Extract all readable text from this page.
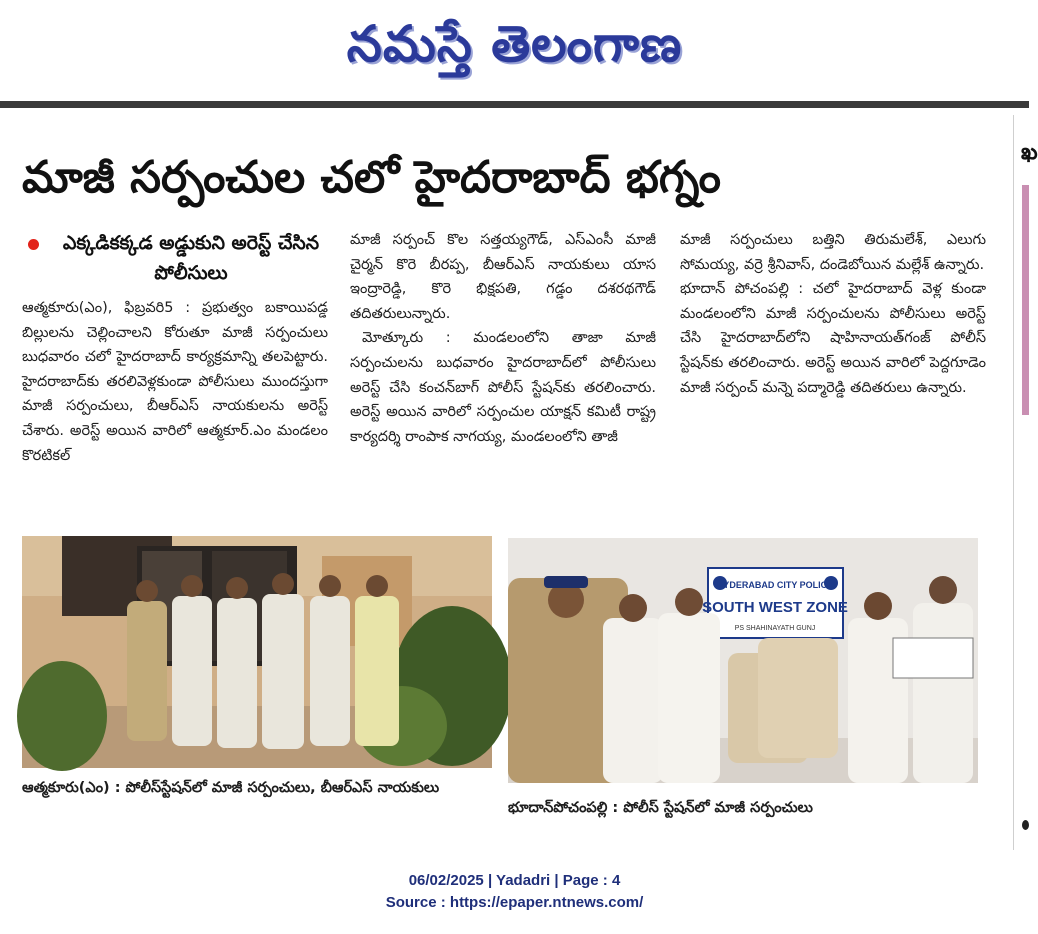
నమస్తే తెలంగాణ
మాజీ సర్పంచుల చలో హైదరాబాద్ భగ్నం
ఎక్కడికక్కడ అడ్డుకుని అరెస్ట్ చేసిన పోలీసులు

ఆత్మకూరు(ఎం), ఫిబ్రవరి5 : ప్రభుత్వం బకాయిపడ్డ బిల్లులను చెల్లించాలని కోరుతూ మాజీ సర్పంచులు బుధవారం చలో హైదరాబాద్ కార్యక్రమాన్ని తలపెట్టారు. హైదరాబాద్‌కు తరలివెళ్లకుండా పోలీసులు ముందస్తుగా మాజీ సర్పంచులు, బీఆర్‌ఎస్ నాయకులను అరెస్ట్ చేశారు. అరెస్ట్ అయిన వారిలో ఆత్మకూర్.ఎం మండలం కొరటికల్

మాజీ సర్పంచ్ కొల సత్తయ్యగౌడ్, ఎస్‌ఎంసీ మాజీ చైర్మన్ కొరె బీరప్ప, బీఆర్‌ఎస్ నాయకులు యాస ఇంద్రారెడ్డి, కొరె భిక్షపతి, గడ్డం దశరథగౌడ్ తదితరులున్నారు.

మోత్కూరు : మండలంలోని తాజా మాజీ సర్పంచులను బుధవారం హైదరాబాద్‌లో పోలీసులు అరెస్ట్ చేసి కంచన్‌బాగ్ పోలీస్ స్టేషన్‌కు తరలించారు. అరెస్ట్ అయిన వారిలో సర్పంచుల యాక్షన్ కమిటీ రాష్ట్ర కార్యదర్శి రాంపాక నాగయ్య, మండలంలోని తాజీ

మాజీ సర్పంచులు బత్తిని తిరుమలేశ్, ఎలుగు సోమయ్య, వర్రె శ్రీనివాస్, దండెబోయిన మల్లేశ్ ఉన్నారు.

భూదాన్ పోచంపల్లి : చలో హైదరాబాద్ వెళ్ల కుండా మండలంలోని మాజీ సర్పంచులను పోలీసులు అరెస్ట్ చేసి హైదరాబాద్‌లోని షాహినాయత్‌గంజ్ పోలీస్ స్టేషన్‌కు తరలించారు. అరెస్ట్ అయిన వారిలో పెద్దగూడెం మాజీ సర్పంచ్ మన్నె పద్మారెడ్డి తదితరులు ఉన్నారు.

ఆత్మకూరు(ఎం) : పోలీస్‌స్టేషన్‌లో మాజీ సర్పంచులు, బీఆర్‌ఎస్ నాయకులు
HYDERABAD CITY POLICE
SOUTH WEST ZONE
PS SHAHINAYATH GUNJ
భూదాన్‌పోచంపల్లి : పోలీస్ స్టేషన్‌లో మాజీ సర్పంచులు
ఖ
06/02/2025 | Yadadri | Page : 4
Source : https://epaper.ntnews.com/
